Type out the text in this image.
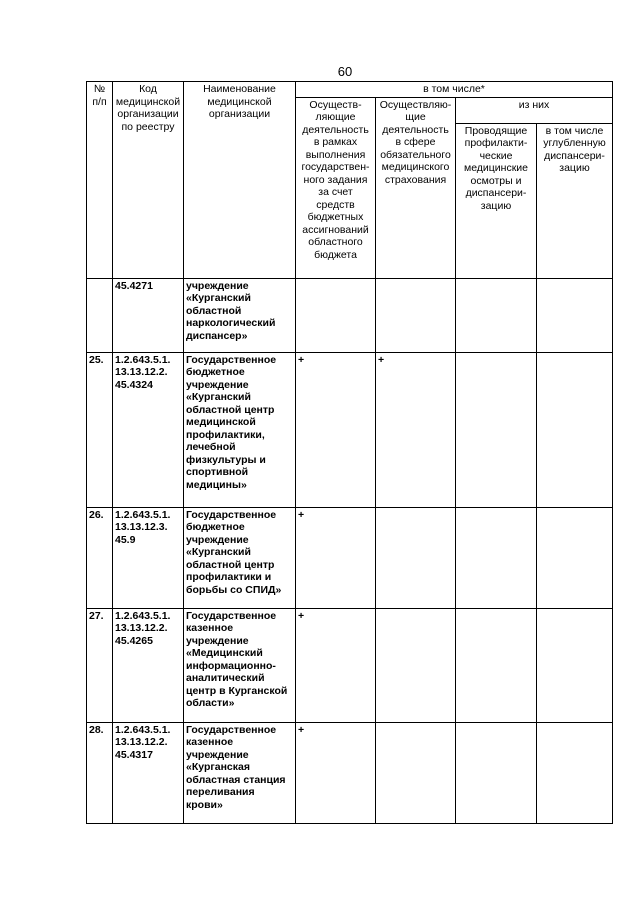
60
№ п/п	Код медицинской организации по реестру	Наименование медицинской организации	в том числе*			
			Осуществ-ляющие деятельность в рамках выполнения государствен-ного задания за счет средств бюджетных ассигнований областного бюджета	Осуществляю-щие деятельность в сфере обязательного медицинского страхования	из них	
					Проводящие профилакти-ческие медицинские осмотры и диспансери-зацию	в том числе углубленную диспансери-зацию
	45.4271	учреждение «Курганский областной наркологический диспансер»				
25.	1.2.643.5.1. 13.13.12.2. 45.4324	Государственное бюджетное учреждение «Курганский областной центр медицинской профилактики, лечебной физкультуры и спортивной медицины»	+	+		
26.	1.2.643.5.1. 13.13.12.3. 45.9	Государственное бюджетное учреждение «Курганский областной центр профилактики и борьбы со СПИД»	+			
27.	1.2.643.5.1. 13.13.12.2. 45.4265	Государственное казенное учреждение «Медицинский информационно-аналитический центр в Курганской области»	+			
28.	1.2.643.5.1. 13.13.12.2. 45.4317	Государственное казенное учреждение «Курганская областная станция переливания крови»	+			
